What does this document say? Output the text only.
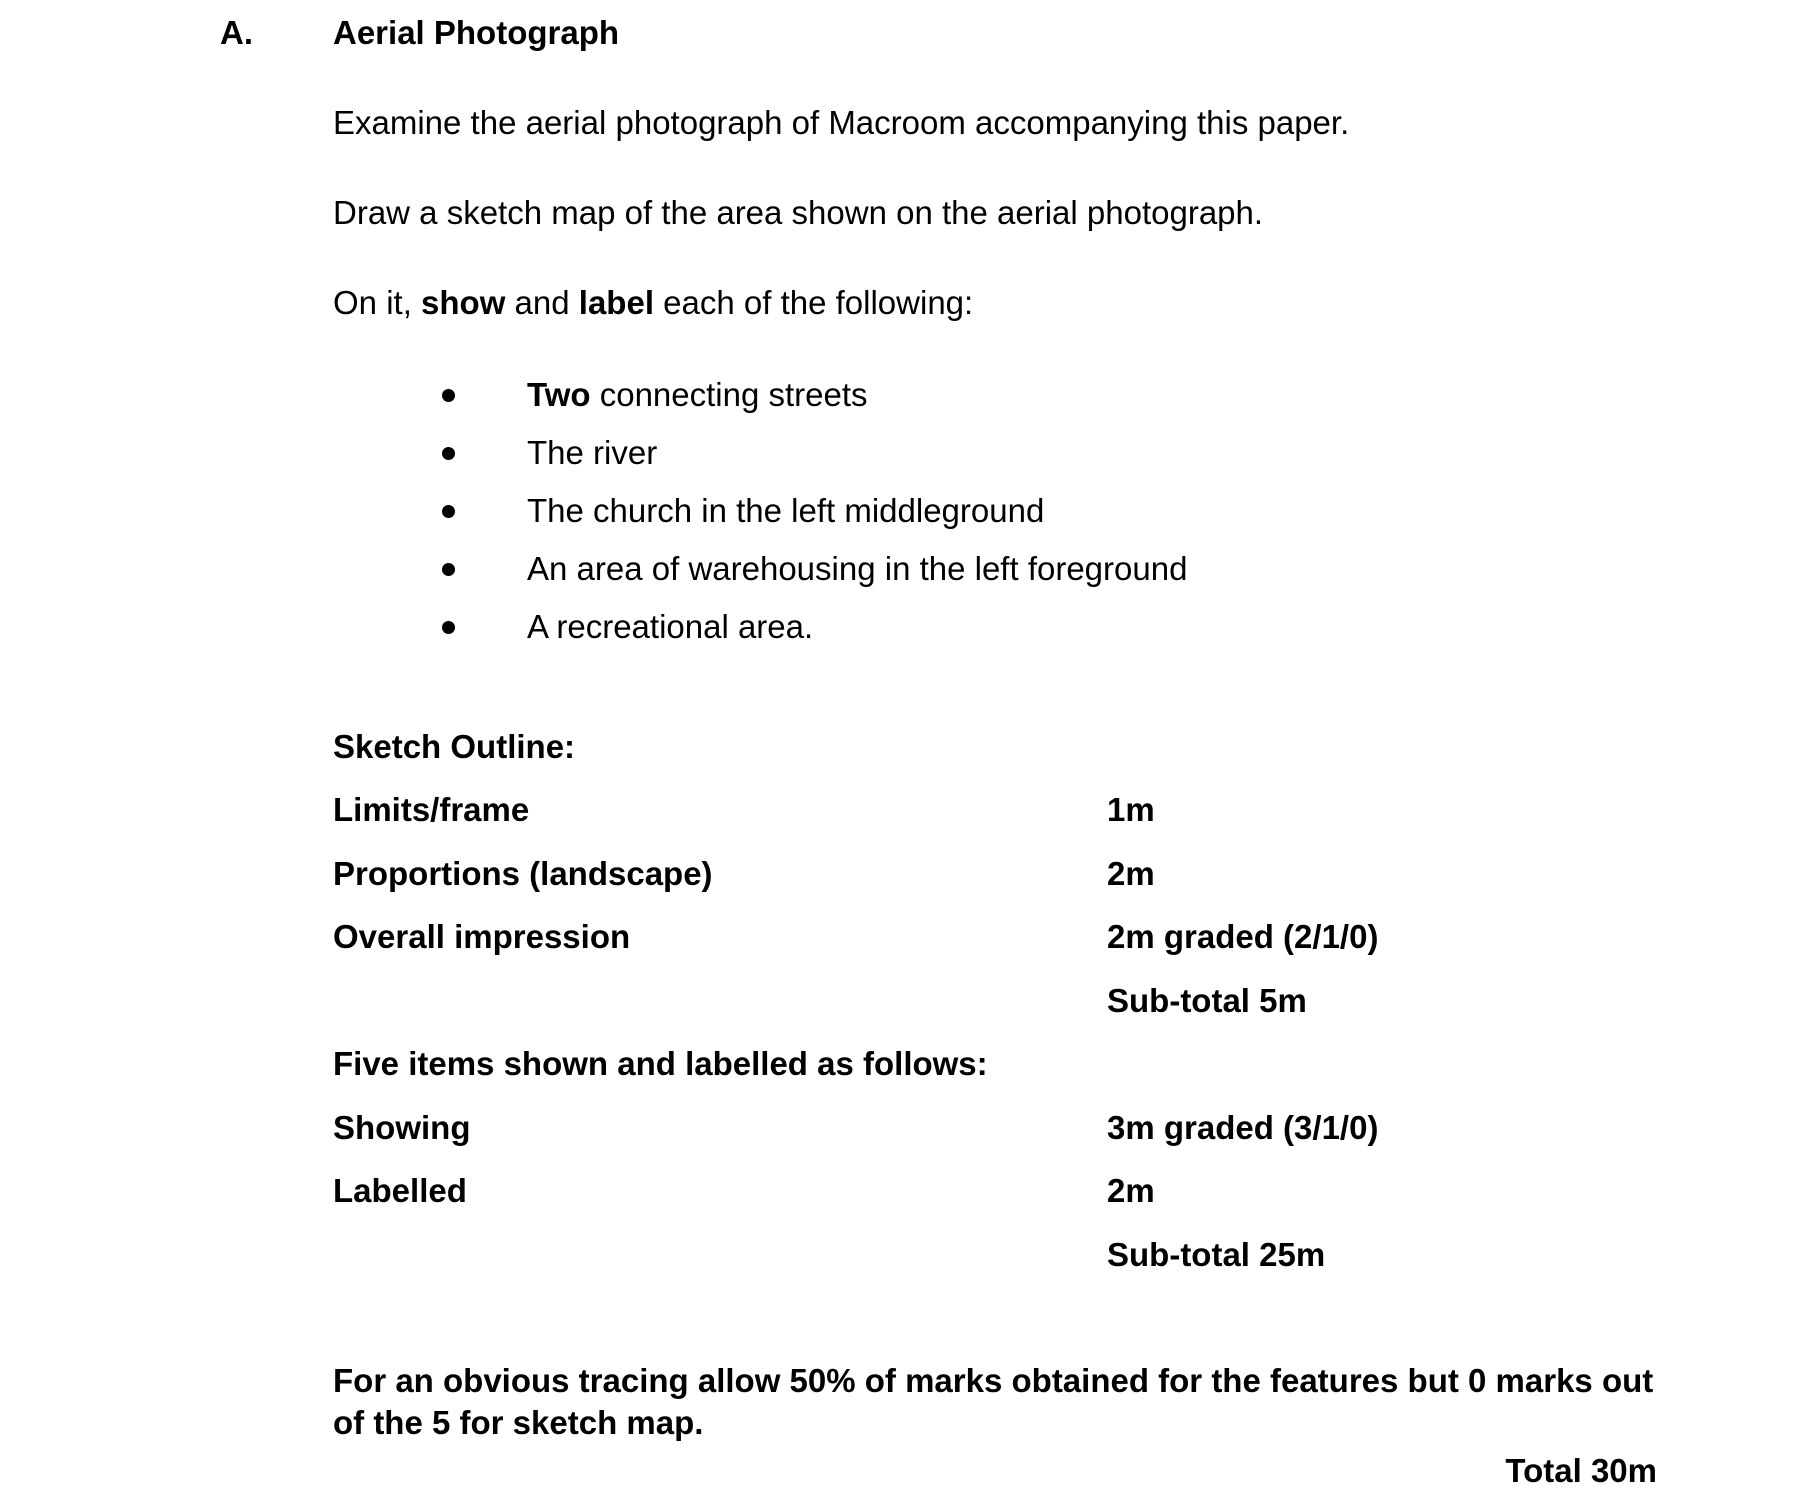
A. Aerial Photograph
Examine the aerial photograph of Macroom accompanying this paper.
Draw a sketch map of the area shown on the aerial photograph.
On it, show and label each of the following:
Two connecting streets
The river
The church in the left middleground
An area of warehousing in the left foreground
A recreational area.
Sketch Outline:
Limits/frame	1m
Proportions (landscape)	2m
Overall impression	2m graded (2/1/0)
Sub-total 5m
Five items shown and labelled as follows:
Showing	3m graded (3/1/0)
Labelled	2m
Sub-total 25m
For an obvious tracing allow 50% of marks obtained for the features but 0 marks out
of the 5 for sketch map.
Total 30m
